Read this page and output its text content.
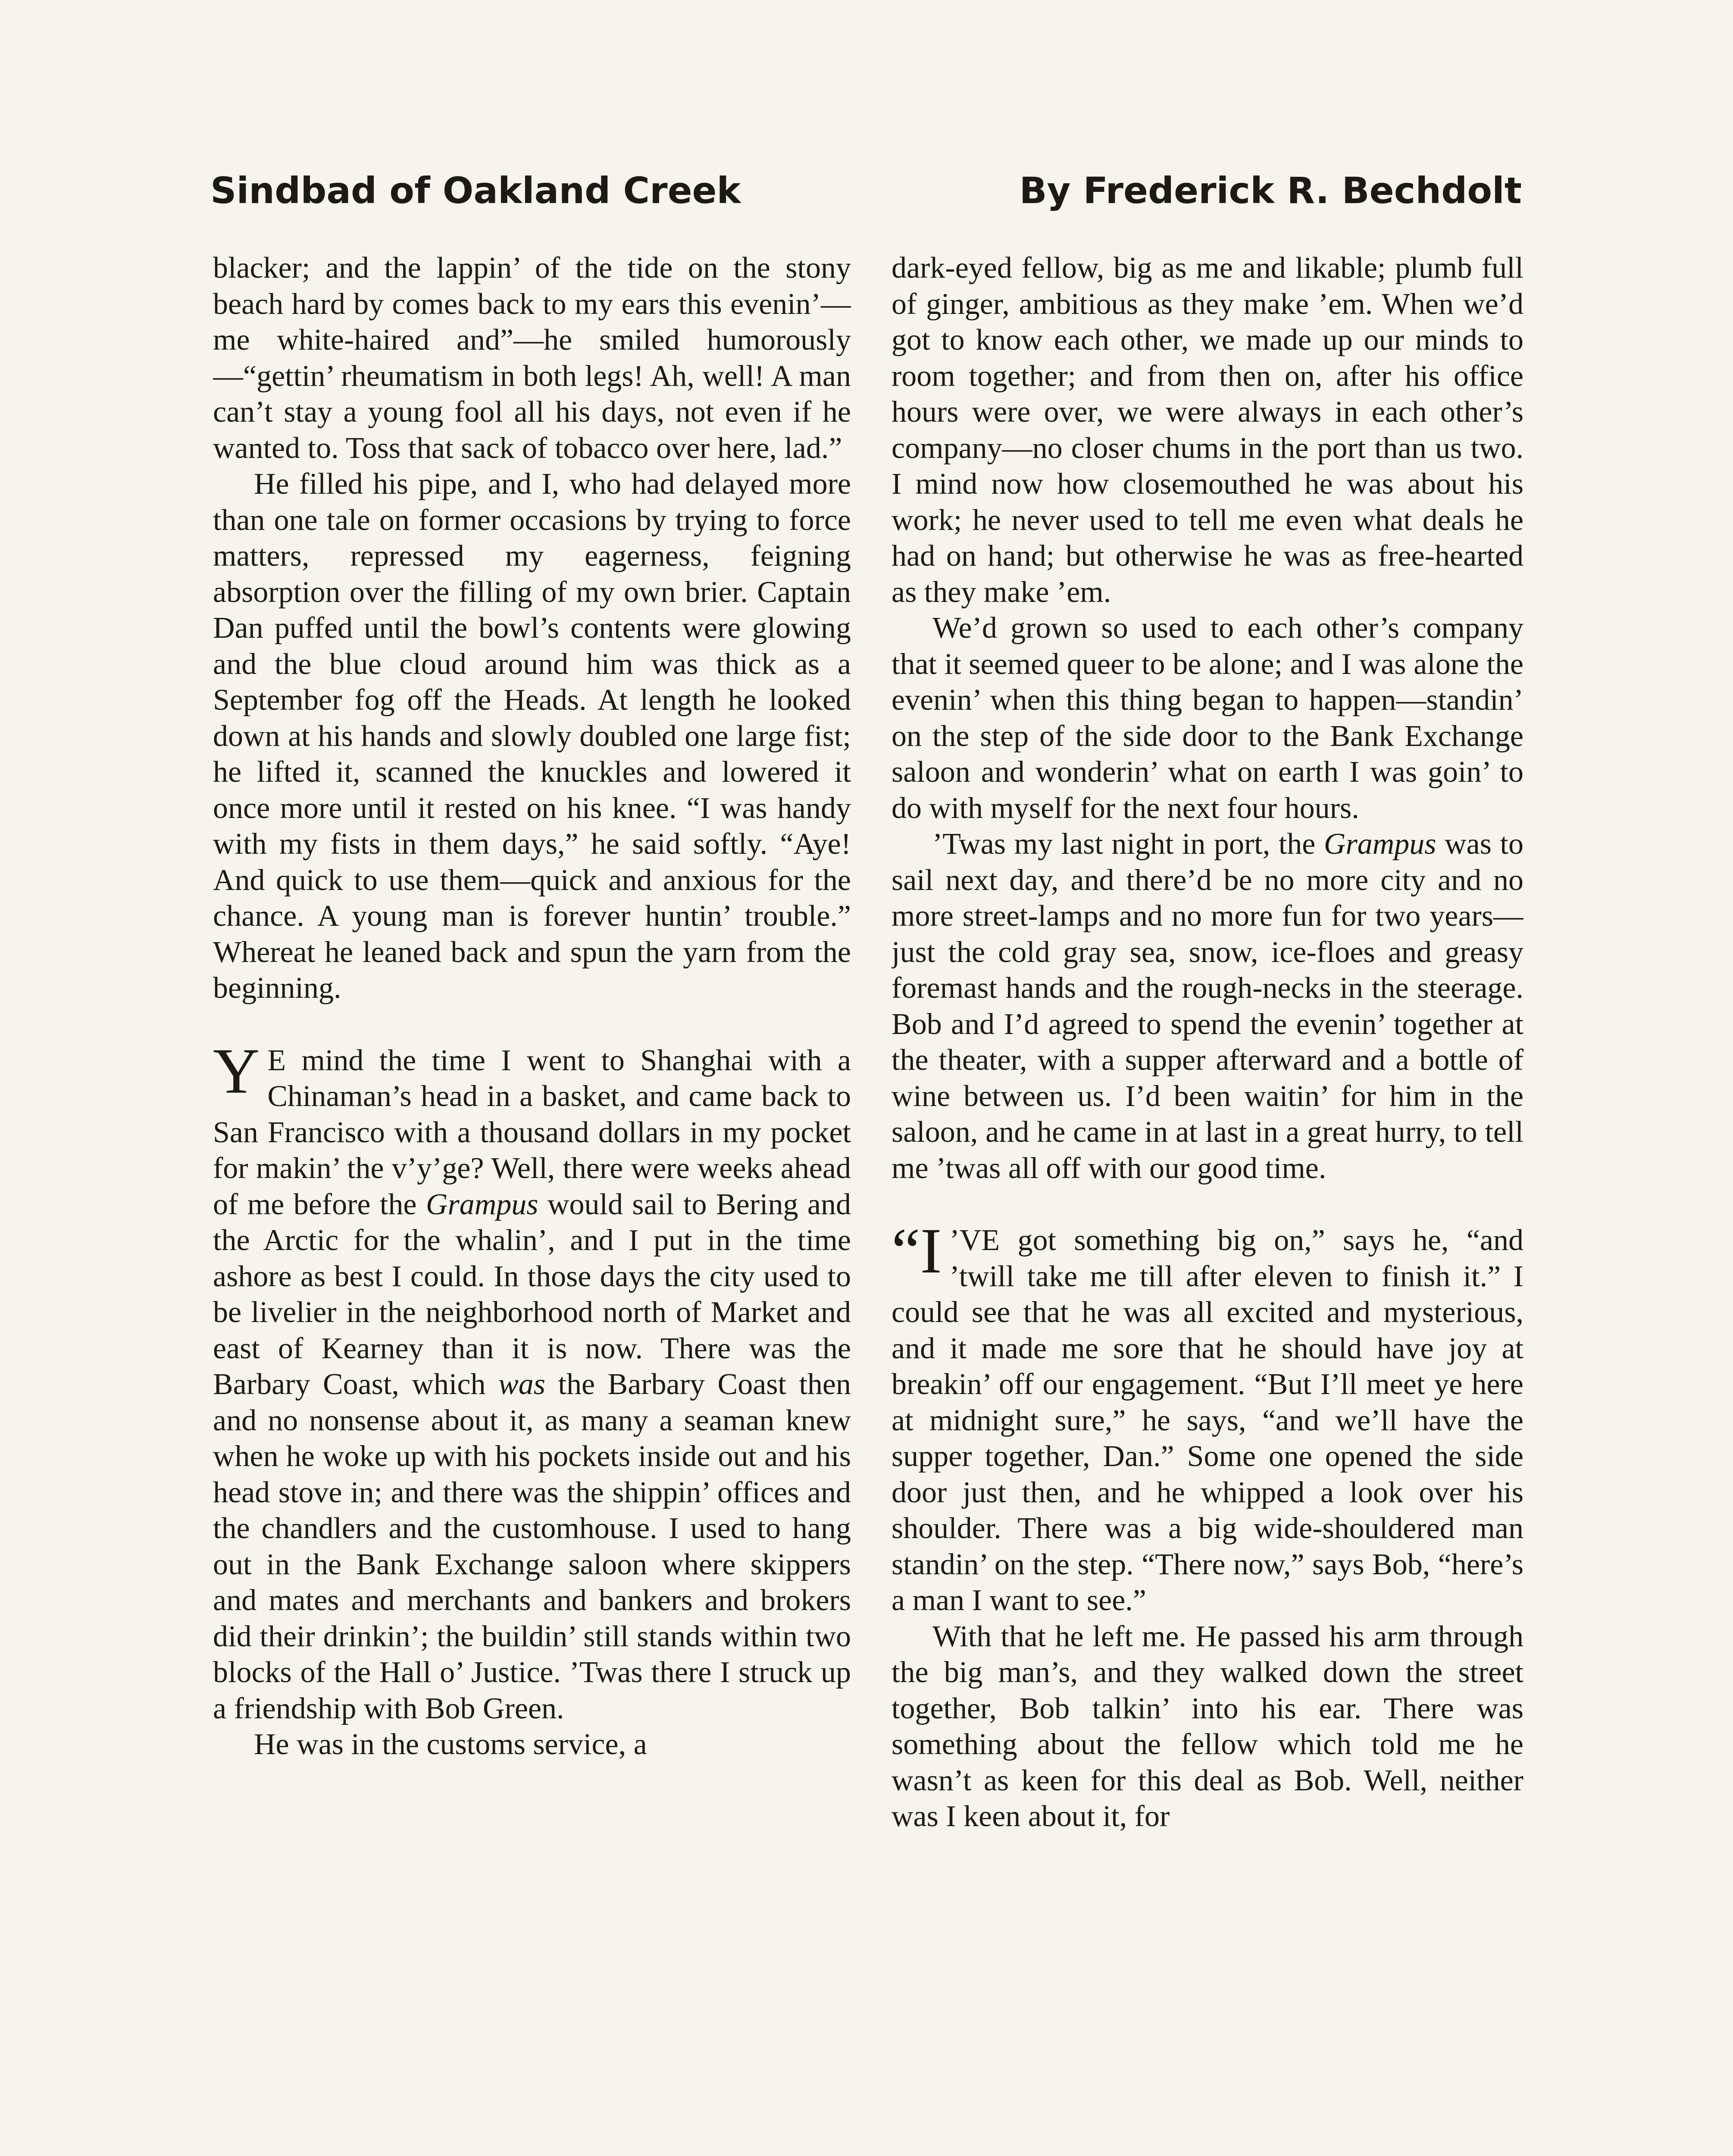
Sindbad of Oakland Creek	By Frederick R. Bechdolt

blacker; and the lappin’ of the tide on the stony beach hard by comes back to my ears this evenin’—me white-haired and”—he smiled humorously—“gettin’ rheumatism in both legs! Ah, well! A man can’t stay a young fool all his days, not even if he wanted to. Toss that sack of tobacco over here, lad.”

He filled his pipe, and I, who had delayed more than one tale on former occasions by trying to force matters, repressed my eagerness, feigning absorption over the filling of my own brier. Captain Dan puffed until the bowl’s contents were glowing and the blue cloud around him was thick as a September fog off the Heads. At length he looked down at his hands and slowly doubled one large fist; he lifted it, scanned the knuckles and lowered it once more until it rested on his knee. “I was handy with my fists in them days,” he said softly. “Aye! And quick to use them—quick and anxious for the chance. A young man is forever huntin’ trouble.” Whereat he leaned back and spun the yarn from the beginning.

Y E mind the time I went to Shanghai with a Chinaman’s head in a basket, and came back to San Francisco with a thousand dollars in my pocket for makin’ the v’y’ge? Well, there were weeks ahead of me before the Grampus would sail to Bering and the Arctic for the whalin’, and I put in the time ashore as best I could. In those days the city used to be livelier in the neighborhood north of Market and east of Kearney than it is now. There was the Barbary Coast, which was the Barbary Coast then and no nonsense about it, as many a seaman knew when he woke up with his pockets inside out and his head stove in; and there was the shippin’ offices and the chandlers and the customhouse. I used to hang out in the Bank Exchange saloon where skippers and mates and merchants and bankers and brokers did their drinkin’; the buildin’ still stands within two blocks of the Hall o’ Justice. ’Twas there I struck up a friendship with Bob Green.

He was in the customs service, a

dark-eyed fellow, big as me and likable; plumb full of ginger, ambitious as they make ’em. When we’d got to know each other, we made up our minds to room together; and from then on, after his office hours were over, we were always in each other’s company—no closer chums in the port than us two. I mind now how closemouthed he was about his work; he never used to tell me even what deals he had on hand; but otherwise he was as free-hearted as they make ’em.

We’d grown so used to each other’s company that it seemed queer to be alone; and I was alone the evenin’ when this thing began to happen—standin’ on the step of the side door to the Bank Exchange saloon and wonderin’ what on earth I was goin’ to do with myself for the next four hours.

’Twas my last night in port, the Grampus was to sail next day, and there’d be no more city and no more street-lamps and no more fun for two years—just the cold gray sea, snow, ice-floes and greasy foremast hands and the rough-necks in the steerage. Bob and I’d agreed to spend the evenin’ together at the theater, with a supper afterward and a bottle of wine between us. I’d been waitin’ for him in the saloon, and he came in at last in a great hurry, to tell me ’twas all off with our good time.

“I ’VE got something big on,” says he, “and ’twill take me till after eleven to finish it.” I could see that he was all excited and mysterious, and it made me sore that he should have joy at breakin’ off our engagement. “But I’ll meet ye here at midnight sure,” he says, “and we’ll have the supper together, Dan.” Some one opened the side door just then, and he whipped a look over his shoulder. There was a big wide-shouldered man standin’ on the step. “There now,” says Bob, “here’s a man I want to see.”

With that he left me. He passed his arm through the big man’s, and they walked down the street together, Bob talkin’ into his ear. There was something about the fellow which told me he wasn’t as keen for this deal as Bob. Well, neither was I keen about it, for
